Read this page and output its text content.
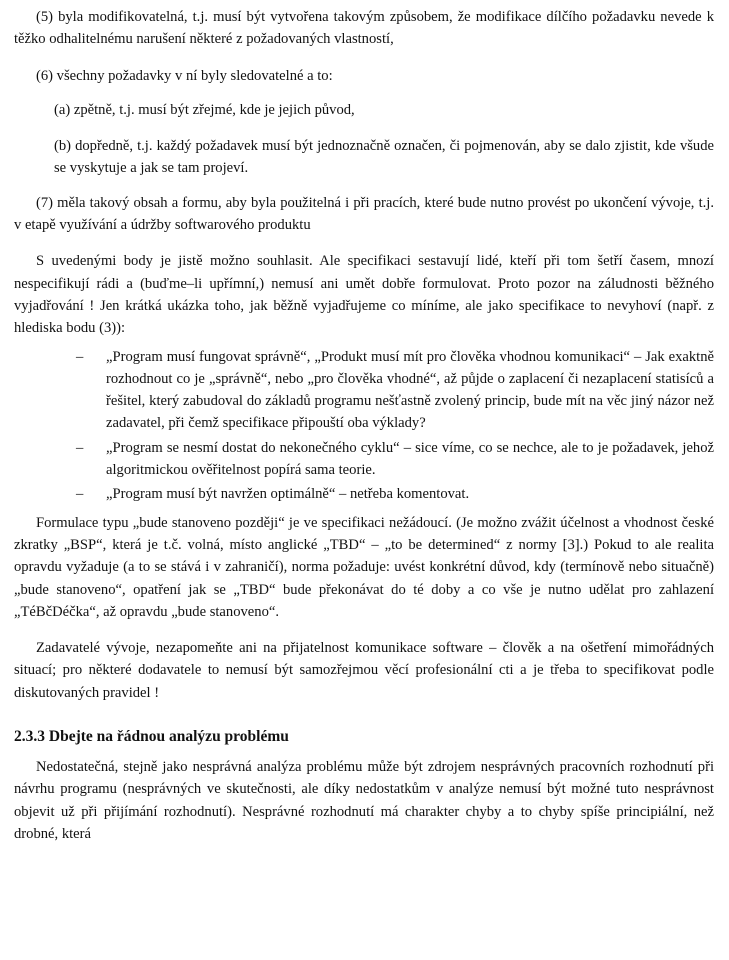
(5) byla modifikovatelná, t.j. musí být vytvořena takovým způsobem, že modifikace dílčího požadavku nevede k těžko odhalitelnému narušení některé z požadovaných vlastností,

(6) všechny požadavky v ní byly sledovatelné a to:

(a) zpětně, t.j. musí být zřejmé, kde je jejich původ,

(b) dopředně, t.j. každý požadavek musí být jednoznačně označen, či pojmenován, aby se dalo zjistit, kde všude se vyskytuje a jak se tam projeví.

(7) měla takový obsah a formu, aby byla použitelná i při pracích, které bude nutno provést po ukončení vývoje, t.j. v etapě využívání a údržby softwarového produktu

S uvedenými body je jistě možno souhlasit. Ale specifikaci sestavují lidé, kteří při tom šetří časem, mnozí nespecifikují rádi a (buďme–li upřímní,) nemusí ani umět dobře formulovat. Proto pozor na záludnosti běžného vyjadřování ! Jen krátká ukázka toho, jak běžně vyjadřujeme co míníme, ale jako specifikace to nevyhoví (např. z hlediska bodu (3)):

– „Program musí fungovat správně“, „Produkt musí mít pro člověka vhodnou komunikaci“ – Jak exaktně rozhodnout co je „správně“, nebo „pro člověka vhodné“, až půjde o zaplacení či nezaplacení statisíců a řešitel, který zabudoval do základů programu nešťastně zvolený princip, bude mít na věc jiný názor než zadavatel, při čemž specifikace připouští oba výklady?
– „Program se nesmí dostat do nekonečného cyklu“ – sice víme, co se nechce, ale to je požadavek, jehož algoritmickou ověřitelnost popírá sama teorie.
– „Program musí být navržen optimálně“ – netřeba komentovat.

Formulace typu „bude stanoveno později“ je ve specifikaci nežádoucí. (Je možno zvážit účelnost a vhodnost české zkratky „BSP“, která je t.č. volná, místo anglické „TBD“ – „to be determined“ z normy [3].) Pokud to ale realita opravdu vyžaduje (a to se stává i v zahraničí), norma požaduje: uvést konkrétní důvod, kdy (termínově nebo situačně) „bude stanoveno“, opatření jak se „TBD“ bude překonávat do té doby a co vše je nutno udělat pro zahlazení „TéBčDéčka“, až opravdu „bude stanoveno“.

Zadavatelé vývoje, nezapomeňte ani na přijatelnost komunikace software – člověk a na ošetření mimořádných situací; pro některé dodavatele to nemusí být samozřejmou věcí profesionální cti a je třeba to specifikovat podle diskutovaných pravidel !

2.3.3 Dbejte na řádnou analýzu problému

Nedostatečná, stejně jako nesprávná analýza problému může být zdrojem nesprávných pracovních rozhodnutí při návrhu programu (nesprávných ve skutečnosti, ale díky nedostatkům v analýze nemusí být možné tuto nesprávnost objevit už při přijímání rozhodnutí). Nesprávné rozhodnutí má charakter chyby a to chyby spíše principiální, než drobné, která
